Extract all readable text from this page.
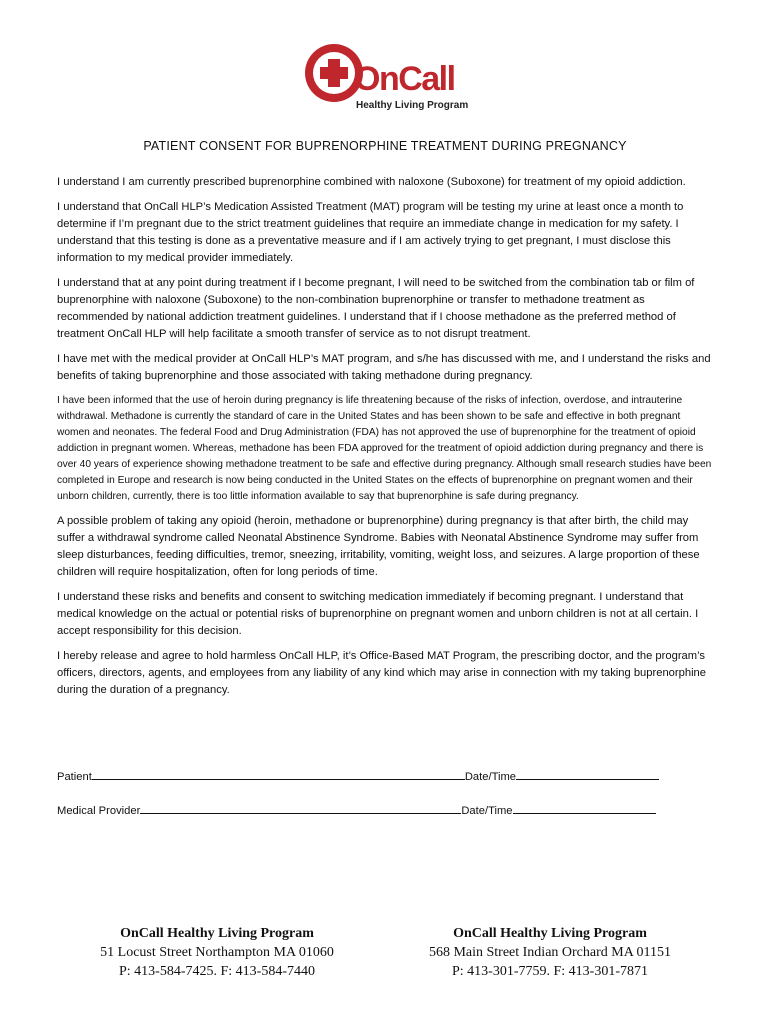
OnCall
Healthy Living Program
PATIENT CONSENT FOR BUPRENORPHINE TREATMENT DURING PREGNANCY

I understand I am currently prescribed buprenorphine combined with naloxone (Suboxone) for treatment of my opioid addiction.

I understand that OnCall HLP’s Medication Assisted Treatment (MAT) program will be testing my urine at least once a month to determine if I’m pregnant due to the strict treatment guidelines that require an immediate change in medication for my safety. I understand that this testing is done as a preventative measure and if I am actively trying to get pregnant, I must disclose this information to my medical provider immediately.

I understand that at any point during treatment if I become pregnant, I will need to be switched from the combination tab or film of buprenorphine with naloxone (Suboxone) to the non-combination buprenorphine or transfer to methadone treatment as recommended by national addiction treatment guidelines. I understand that if I choose methadone as the preferred method of treatment OnCall HLP will help facilitate a smooth transfer of service as to not disrupt treatment.

I have met with the medical provider at OnCall HLP’s MAT program, and s/he has discussed with me, and I understand the risks and benefits of taking buprenorphine and those associated with taking methadone during pregnancy.

I have been informed that the use of heroin during pregnancy is life threatening because of the risks of infection, overdose, and intrauterine withdrawal. Methadone is currently the standard of care in the United States and has been shown to be safe and effective in both pregnant women and neonates. The federal Food and Drug Administration (FDA) has not approved the use of buprenorphine for the treatment of opioid addiction in pregnant women. Whereas, methadone has been FDA approved for the treatment of opioid addiction during pregnancy and there is over 40 years of experience showing methadone treatment to be safe and effective during pregnancy. Although small research studies have been completed in Europe and research is now being conducted in the United States on the effects of buprenorphine on pregnant women and their unborn children, currently, there is too little information available to say that buprenorphine is safe during pregnancy.

A possible problem of taking any opioid (heroin, methadone or buprenorphine) during pregnancy is that after birth, the child may suffer a withdrawal syndrome called Neonatal Abstinence Syndrome. Babies with Neonatal Abstinence Syndrome may suffer from sleep disturbances, feeding difficulties, tremor, sneezing, irritability, vomiting, weight loss, and seizures. A large proportion of these children will require hospitalization, often for long periods of time.

I understand these risks and benefits and consent to switching medication immediately if becoming pregnant. I understand that medical knowledge on the actual or potential risks of buprenorphine on pregnant women and unborn children is not at all certain. I accept responsibility for this decision.

I hereby release and agree to hold harmless OnCall HLP, it’s Office-Based MAT Program, the prescribing doctor, and the program’s officers, directors, agents, and employees from any liability of any kind which may arise in connection with my taking buprenorphine during the duration of a pregnancy.

Patient	Date/Time
Medical Provider	Date/Time
OnCall Healthy Living Program
51 Locust Street Northampton MA 01060
P: 413-584-7425. F: 413-584-7440
OnCall Healthy Living Program
568 Main Street Indian Orchard MA 01151
P: 413-301-7759. F: 413-301-7871
